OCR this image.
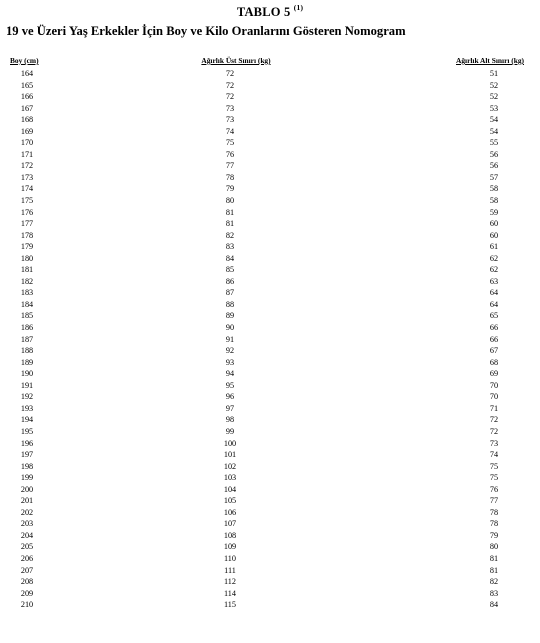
TABLO 5 $^{(1)}$
19 ve Üzeri Yaş Erkekler İçin Boy ve Kilo Oranlarını Gösteren Nomogram
Boy (cm)	Ağırlık Üst Sınırı (kg)	Ağırlık Alt Sınırı (kg)
164	72	51
165	72	52
166	72	52
167	73	53
168	73	54
169	74	54
170	75	55
171	76	56
172	77	56
173	78	57
174	79	58
175	80	58
176	81	59
177	81	60
178	82	60
179	83	61
180	84	62
181	85	62
182	86	63
183	87	64
184	88	64
185	89	65
186	90	66
187	91	66
188	92	67
189	93	68
190	94	69
191	95	70
192	96	70
193	97	71
194	98	72
195	99	72
196	100	73
197	101	74
198	102	75
199	103	75
200	104	76
201	105	77
202	106	78
203	107	78
204	108	79
205	109	80
206	110	81
207	111	81
208	112	82
209	114	83
210	115	84
